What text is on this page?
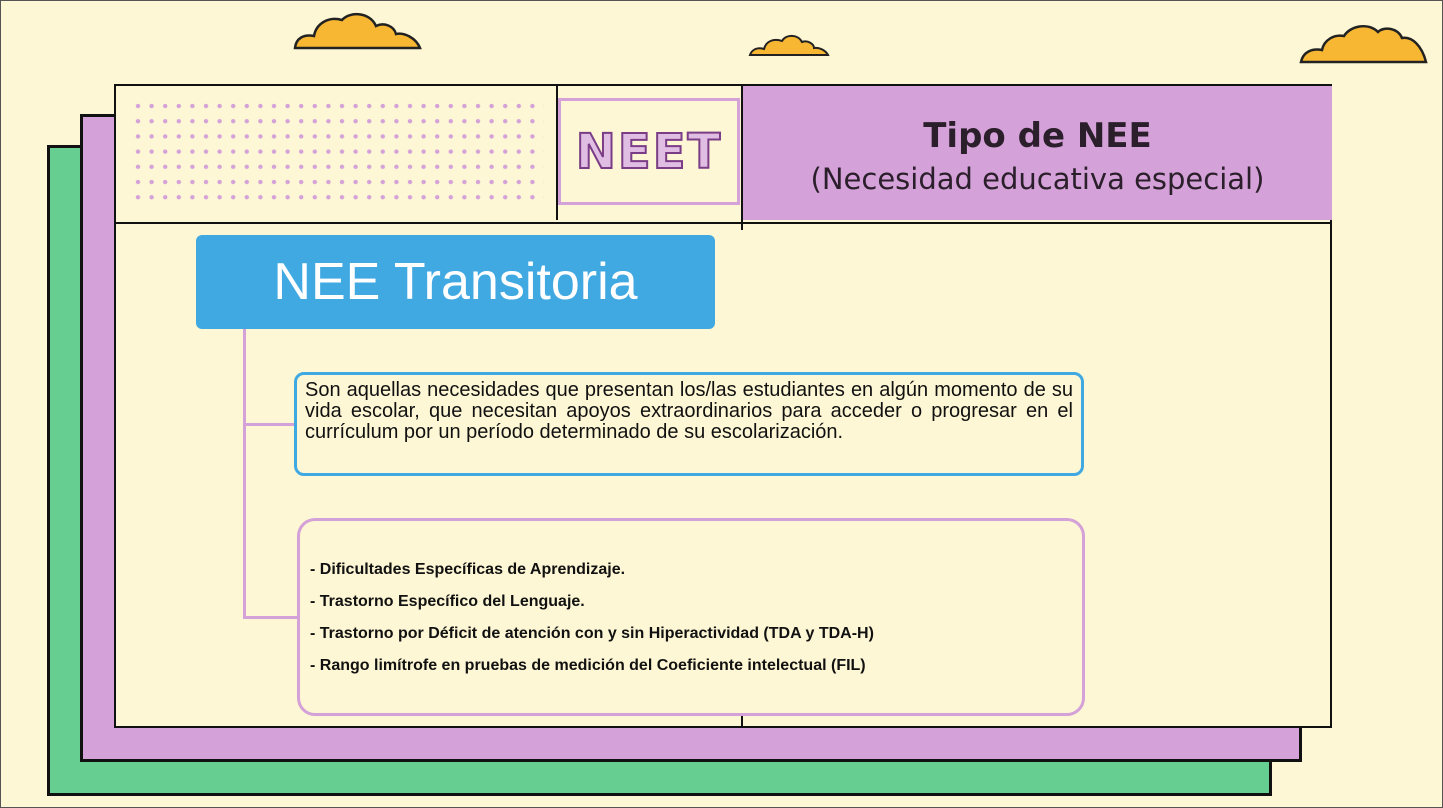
NEET	Tipo de NEE
(Necesidad educativa especial)
NEE Transitoria
Son aquellas necesidades que presentan los/las estudiantes en algún momento de su vida escolar, que necesitan apoyos extraordinarios para acceder o progresar en el currículum por un período determinado de su escolarización.
- Dificultades Específicas de Aprendizaje.
- Trastorno Específico del Lenguaje.
- Trastorno por Déficit de atención con y sin Hiperactividad (TDA y TDA-H)
- Rango limítrofe en pruebas de medición del Coeficiente intelectual (FIL)
